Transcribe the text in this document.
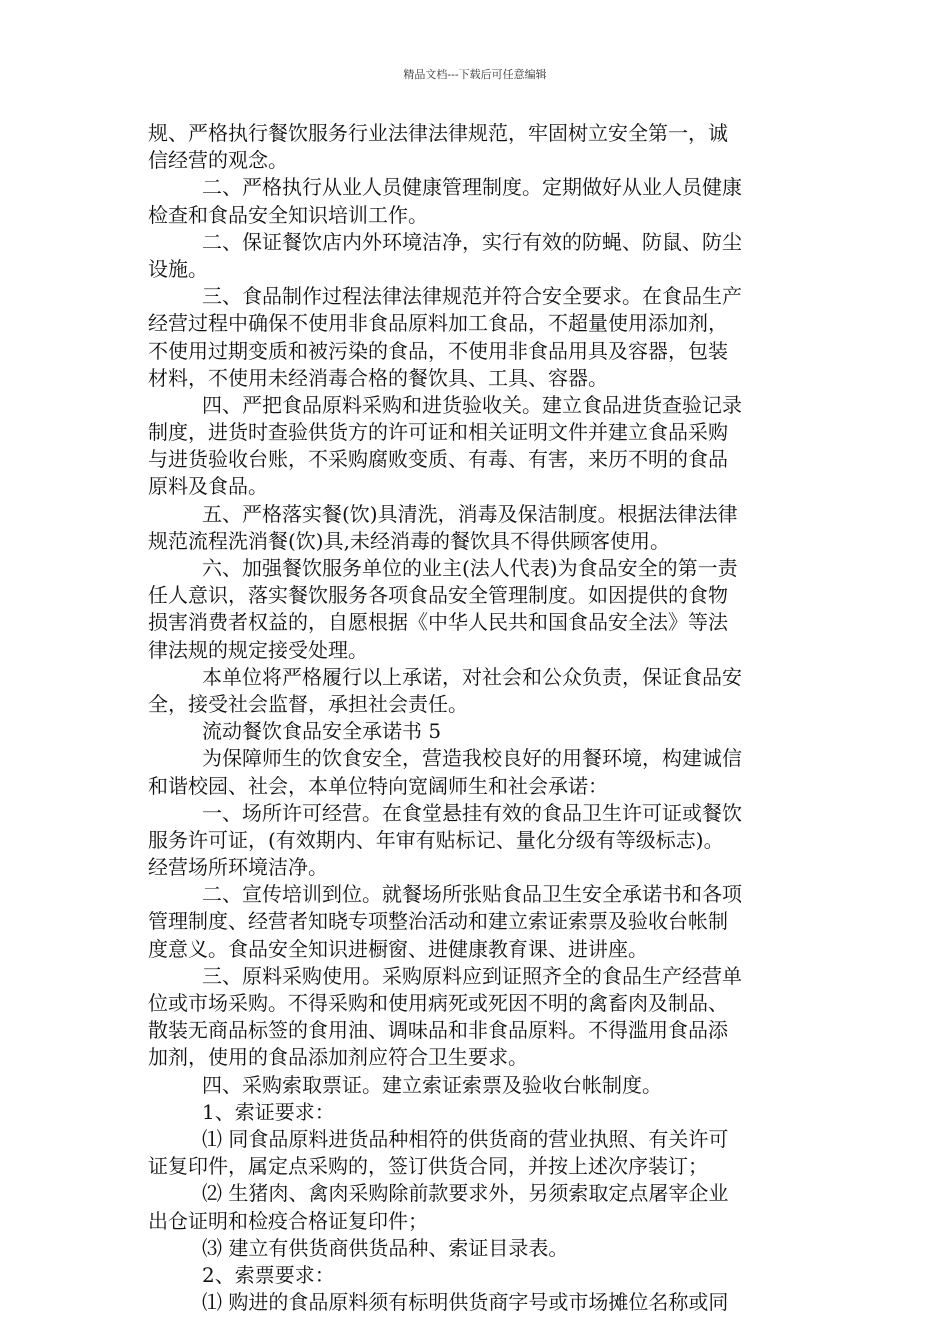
精品文档---下载后可任意编辑
规、严格执行餐饮服务行业法律法律规范，牢固树立安全第一，诚
信经营的观念。
二、严格执行从业人员健康管理制度。定期做好从业人员健康
检查和食品安全知识培训工作。
二、保证餐饮店内外环境洁净，实行有效的防蝇、防鼠、防尘
设施。
三、食品制作过程法律法律规范并符合安全要求。在食品生产
经营过程中确保不使用非食品原料加工食品，不超量使用添加剂，
不使用过期变质和被污染的食品，不使用非食品用具及容器，包装
材料，不使用未经消毒合格的餐饮具、工具、容器。
四、严把食品原料采购和进货验收关。建立食品进货查验记录
制度，进货时查验供货方的许可证和相关证明文件并建立食品采购
与进货验收台账，不采购腐败变质、有毒、有害，来历不明的食品
原料及食品。
五、严格落实餐(饮)具清洗，消毒及保洁制度。根据法律法律
规范流程洗消餐(饮)具,未经消毒的餐饮具不得供顾客使用。
六、加强餐饮服务单位的业主(法人代表)为食品安全的第一责
任人意识，落实餐饮服务各项食品安全管理制度。如因提供的食物
损害消费者权益的，自愿根据《中华人民共和国食品安全法》等法
律法规的规定接受处理。
本单位将严格履行以上承诺，对社会和公众负责，保证食品安
全，接受社会监督，承担社会责任。
流动餐饮食品安全承诺书 5
为保障师生的饮食安全，营造我校良好的用餐环境，构建诚信
和谐校园、社会，本单位特向宽阔师生和社会承诺：
一、场所许可经营。在食堂悬挂有效的食品卫生许可证或餐饮
服务许可证，(有效期内、年审有贴标记、量化分级有等级标志)。
经营场所环境洁净。
二、宣传培训到位。就餐场所张贴食品卫生安全承诺书和各项
管理制度、经营者知晓专项整治活动和建立索证索票及验收台帐制
度意义。食品安全知识进橱窗、进健康教育课、进讲座。
三、原料采购使用。采购原料应到证照齐全的食品生产经营单
位或市场采购。不得采购和使用病死或死因不明的禽畜肉及制品、
散装无商品标签的食用油、调味品和非食品原料。不得滥用食品添
加剂，使用的食品添加剂应符合卫生要求。
四、采购索取票证。建立索证索票及验收台帐制度。
1、索证要求：
⑴ 同食品原料进货品种相符的供货商的营业执照、有关许可
证复印件，属定点采购的，签订供货合同，并按上述次序装订；
⑵ 生猪肉、禽肉采购除前款要求外，另须索取定点屠宰企业
出仓证明和检疫合格证复印件；
⑶ 建立有供货商供货品种、索证目录表。
2、索票要求：
⑴ 购进的食品原料须有标明供货商字号或市场摊位名称或同
